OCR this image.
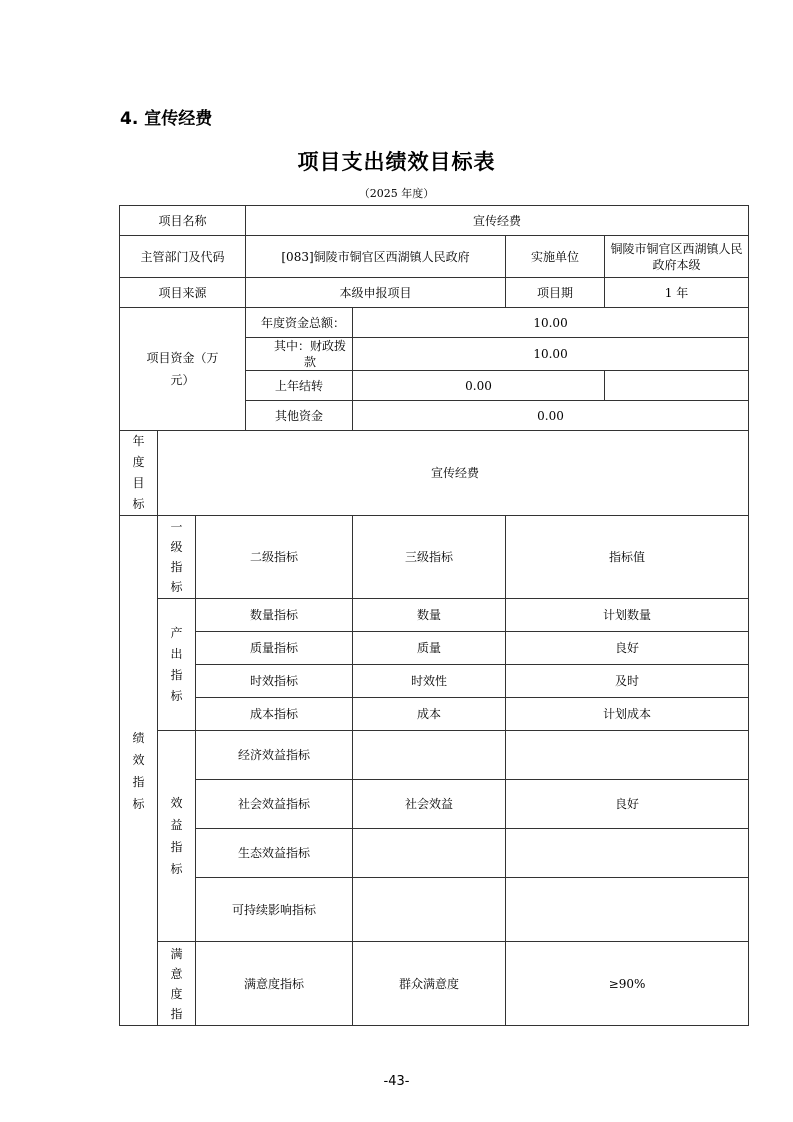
4. 宣传经费
项目支出绩效目标表
（2025 年度）
项目名称			宣传经费			
主管部门及代码			[083]铜陵市铜官区西湖镇人民政府		实施单位	铜陵市铜官区西湖镇人民政府本级
项目来源			本级申报项目		项目期	1 年
项目资金（万元）			年度资金总额：	10.00		
			其中：财政拨款	10.00		
			上年结转	0.00		
			其他资金	0.00		
年度目标	宣传经费					
绩效指标	一级指标	二级指标		三级指标	指标值	
	产出指标	数量指标		数量	计划数量	
		质量指标		质量	良好	
		时效指标		时效性	及时	
		成本指标		成本	计划成本	
	效益指标	经济效益指标				
		社会效益指标		社会效益	良好	
		生态效益指标				
		可持续影响指标				
	满意度指	满意度指标		群众满意度	≥90%	
-43-
